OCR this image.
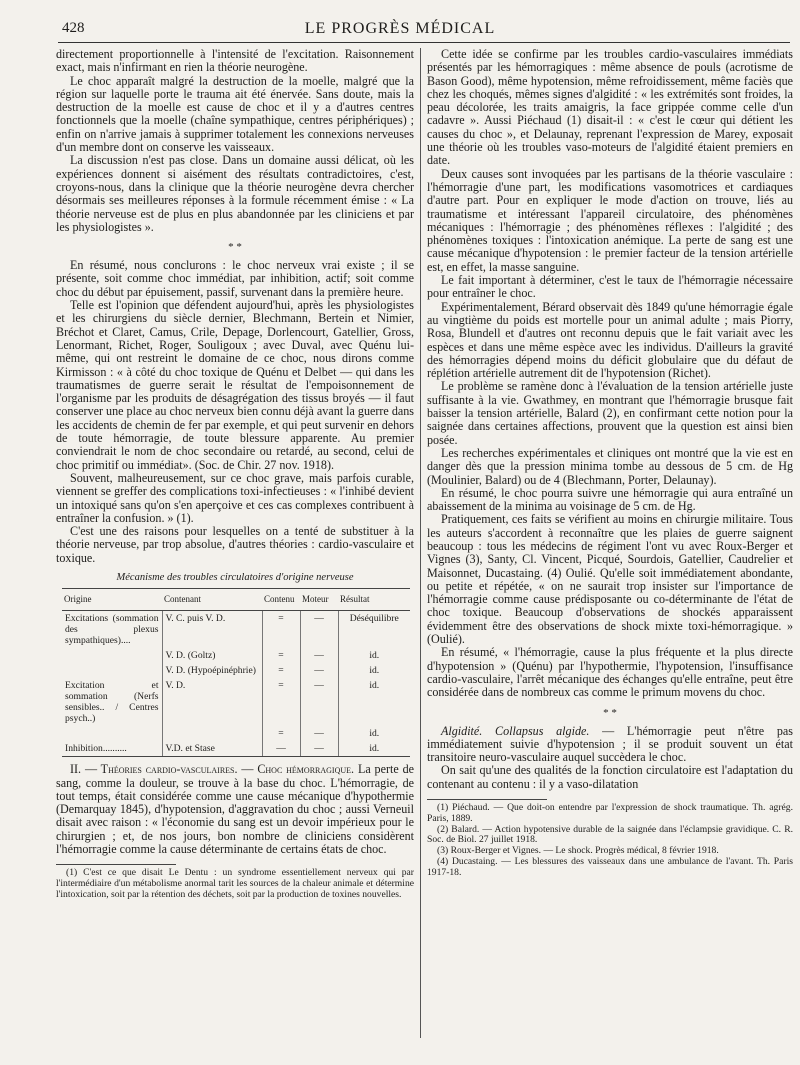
428	LE PROGRÈS MÉDICAL

directement proportionnelle à l'intensité de l'excitation. Raisonnement exact, mais n'infirmant en rien la théorie neurogène.

Le choc apparaît malgré la destruction de la moelle, malgré que la région sur laquelle porte le trauma ait été énervée. Sans doute, mais la destruction de la moelle est cause de choc et il y a d'autres centres fonctionnels que la moelle (chaîne sympathique, centres périphériques) ; enfin on n'arrive jamais à supprimer totalement les connexions nerveuses d'un membre dont on conserve les vaisseaux.

La discussion n'est pas close. Dans un domaine aussi délicat, où les expériences donnent si aisément des résultats contradictoires, c'est, croyons-nous, dans la clinique que la théorie neurogène devra chercher désormais ses meilleures réponses à la formule récemment émise : « La théorie nerveuse est de plus en plus abandonnée par les cliniciens et par les physiologistes ».

* *

En résumé, nous conclurons : le choc nerveux vrai existe ; il se présente, soit comme choc immédiat, par inhibition, actif; soit comme choc du début par épuisement, passif, survenant dans la première heure.

Telle est l'opinion que défendent aujourd'hui, après les physiologistes et les chirurgiens du siècle dernier, Blechmann, Bertein et Nimier, Bréchot et Claret, Camus, Crile, Depage, Dorlencourt, Gatellier, Gross, Lenormant, Richet, Roger, Souligoux ; avec Duval, avec Quénu lui-même, qui ont restreint le domaine de ce choc, nous dirons comme Kirmisson : « à côté du choc toxique de Quénu et Delbet — qui dans les traumatismes de guerre serait le résultat de l'empoisonnement de l'organisme par les produits de désagrégation des tissus broyés — il faut conserver une place au choc nerveux bien connu déjà avant la guerre dans les accidents de chemin de fer par exemple, et qui peut survenir en dehors de toute hémorragie, de toute blessure apparente. Au premier conviendrait le nom de choc secondaire ou retardé, au second, celui de choc primitif ou immédiat». (Soc. de Chir. 27 nov. 1918).

Souvent, malheureusement, sur ce choc grave, mais parfois curable, viennent se greffer des complications toxi-infectieuses : « l'inhibé devient un intoxiqué sans qu'on s'en aperçoive et ces cas complexes contribuent à entraîner la confusion. » (1).

C'est une des raisons pour lesquelles on a tenté de substituer à la théorie nerveuse, par trop absolue, d'autres théories : cardio-vasculaire et toxique.

Mécanisme des troubles circulatoires d'origine nerveuse
Origine	Contenant	Contenu	Moteur	Résultat
Excitations (sommation des plexus sympathiques)....	V. C. puis V. D.	=	—	Déséquilibre
	V. D. (Goltz)	=	—	id.
	V. D. (Hypoépinéphrie)	=	—	id.
Excitation et sommation (Nerfs sensibles.. / Centres psych..)	V. D.	=	—	id.
		=	—	id.
Inhibition..........	V.D. et Stase	—	—	id.

II. — Théories cardio-vasculaires. — Choc hémorragique. La perte de sang, comme la douleur, se trouve à la base du choc. L'hémorragie, de tout temps, était considérée comme une cause mécanique d'hypothermie (Demarquay 1845), d'hypotension, d'aggravation du choc ; aussi Verneuil disait avec raison : « l'économie du sang est un devoir impérieux pour le chirurgien ; et, de nos jours, bon nombre de cliniciens considèrent l'hémorragie comme la cause déterminante de certains états de choc.

(1) C'est ce que disait Le Dentu : un syndrome essentiellement nerveux qui par l'intermédiaire d'un métabolisme anormal tarit les sources de la chaleur animale et détermine l'intoxication, soit par la rétention des déchets, soit par la production de toxines nouvelles.

Cette idée se confirme par les troubles cardio-vasculaires immédiats présentés par les hémorragiques : même absence de pouls (acrotisme de Bason Good), même hypotension, même refroidissement, même faciès que chez les choqués, mêmes signes d'algidité : « les extrémités sont froides, la peau décolorée, les traits amaigris, la face grippée comme celle d'un cadavre ». Aussi Piéchaud (1) disait-il : « c'est le cœur qui détient les causes du choc », et Delaunay, reprenant l'expression de Marey, exposait une théorie où les troubles vaso-moteurs de l'algidité étaient premiers en date.

Deux causes sont invoquées par les partisans de la théorie vasculaire : l'hémorragie d'une part, les modifications vasomotrices et cardiaques d'autre part. Pour en expliquer le mode d'action on trouve, liés au traumatisme et intéressant l'appareil circulatoire, des phénomènes mécaniques : l'hémorragie ; des phénomènes réflexes : l'algidité ; des phénomènes toxiques : l'intoxication anémique. La perte de sang est une cause mécanique d'hypotension : le premier facteur de la tension artérielle est, en effet, la masse sanguine.

Le fait important à déterminer, c'est le taux de l'hémorragie nécessaire pour entraîner le choc.

Expérimentalement, Bérard observait dès 1849 qu'une hémorragie égale au vingtième du poids est mortelle pour un animal adulte ; mais Piorry, Rosa, Blundell et d'autres ont reconnu depuis que le fait variait avec les espèces et dans une même espèce avec les individus. D'ailleurs la gravité des hémorragies dépend moins du déficit globulaire que du défaut de réplétion artérielle autrement dit de l'hypotension (Richet).

Le problème se ramène donc à l'évaluation de la tension artérielle juste suffisante à la vie. Gwathmey, en montrant que l'hémorragie brusque fait baisser la tension artérielle, Balard (2), en confirmant cette notion pour la saignée dans certaines affections, prouvent que la question est ainsi bien posée.

Les recherches expérimentales et cliniques ont montré que la vie est en danger dès que la pression minima tombe au dessous de 5 cm. de Hg (Moulinier, Balard) ou de 4 (Blechmann, Porter, Delaunay).

En résumé, le choc pourra suivre une hémorragie qui aura entraîné un abaissement de la minima au voisinage de 5 cm. de Hg.

Pratiquement, ces faits se vérifient au moins en chirurgie militaire. Tous les auteurs s'accordent à reconnaître que les plaies de guerre saignent beaucoup : tous les médecins de régiment l'ont vu avec Roux-Berger et Vignes (3), Santy, Cl. Vincent, Picqué, Sourdois, Gatellier, Caudrelier et Maisonnet, Ducastaing. (4) Oulié. Qu'elle soit immédiatement abondante, ou petite et répétée, « on ne saurait trop insister sur l'importance de l'hémorragie comme cause prédisposante ou co-déterminante de l'état de choc toxique. Beaucoup d'observations de shockés apparaissent évidemment être des observations de shock mixte toxi-hémorragique. » (Oulié).

En résumé, « l'hémorragie, cause la plus fréquente et la plus directe d'hypotension » (Quénu) par l'hypothermie, l'hypotension, l'insuffisance cardio-vasculaire, l'arrêt mécanique des échanges qu'elle entraîne, peut être considérée dans de nombreux cas comme le primum movens du choc.

* *

Algidité. Collapsus algide. — L'hémorragie peut n'être pas immédiatement suivie d'hypotension ; il se produit souvent un état transitoire neuro-vasculaire auquel succèdera le choc.

On sait qu'une des qualités de la fonction circulatoire est l'adaptation du contenant au contenu : il y a vaso-dilatation

(1) Piéchaud. — Que doit-on entendre par l'expression de shock traumatique. Th. agrég. Paris, 1889.

(2) Balard. — Action hypotensive durable de la saignée dans l'éclampsie gravidique. C. R. Soc. de Biol. 27 juillet 1918.

(3) Roux-Berger et Vignes. — Le shock. Progrès médical, 8 février 1918.

(4) Ducastaing. — Les blessures des vaisseaux dans une ambulance de l'avant. Th. Paris 1917-18.
